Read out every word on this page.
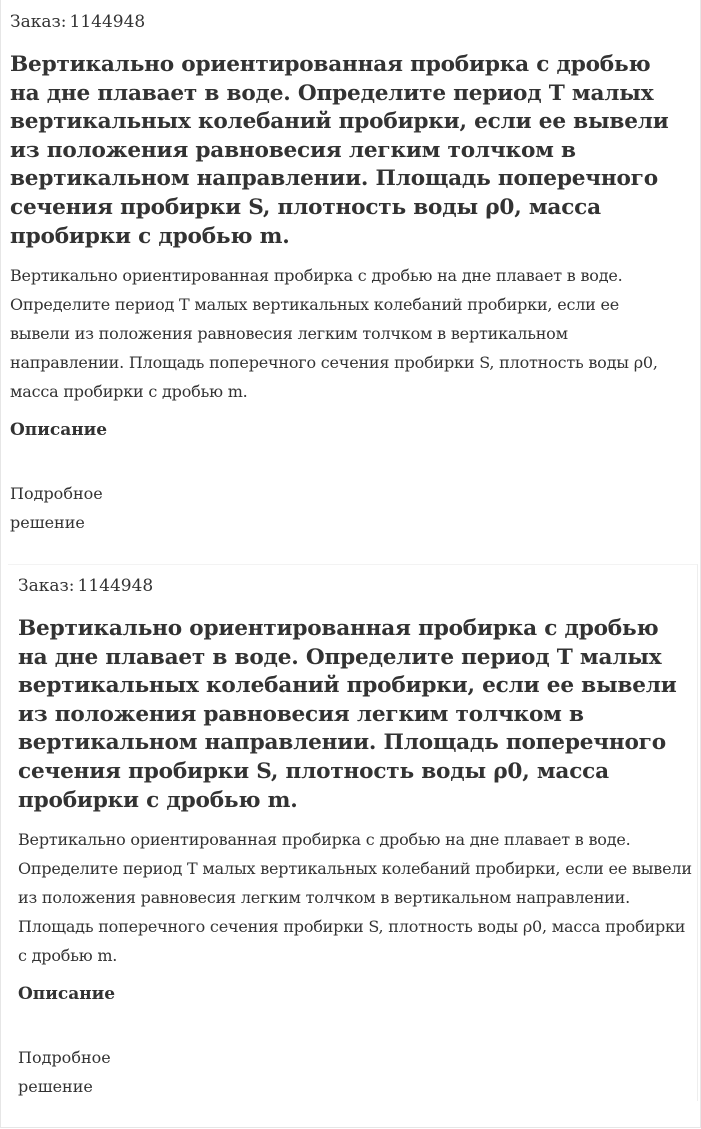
Заказ: 1144948
Вертикально ориентированная пробирка с дробью на дне плавает в воде. Определите период T малых вертикальных колебаний пробирки, если ее вывели из положения равновесия легким толчком в вертикальном направлении. Площадь поперечного сечения пробирки S, плотность воды ρ0, масса пробирки с дробью m.

Вертикально ориентированная пробирка с дробью на дне плавает в воде. Определите период T малых вертикальных колебаний пробирки, если ее вывели из положения равновесия легким толчком в вертикальном направлении. Площадь поперечного сечения пробирки S, плотность воды ρ0, масса пробирки с дробью m.

Описание
Подробное решение
Заказ: 1144948
Вертикально ориентированная пробирка с дробью на дне плавает в воде. Определите период T малых вертикальных колебаний пробирки, если ее вывели из положения равновесия легким толчком в вертикальном направлении. Площадь поперечного сечения пробирки S, плотность воды ρ0, масса пробирки с дробью m.

Вертикально ориентированная пробирка с дробью на дне плавает в воде. Определите период T малых вертикальных колебаний пробирки, если ее вывели из положения равновесия легким толчком в вертикальном направлении. Площадь поперечного сечения пробирки S, плотность воды ρ0, масса пробирки с дробью m.

Описание
Подробное решение
